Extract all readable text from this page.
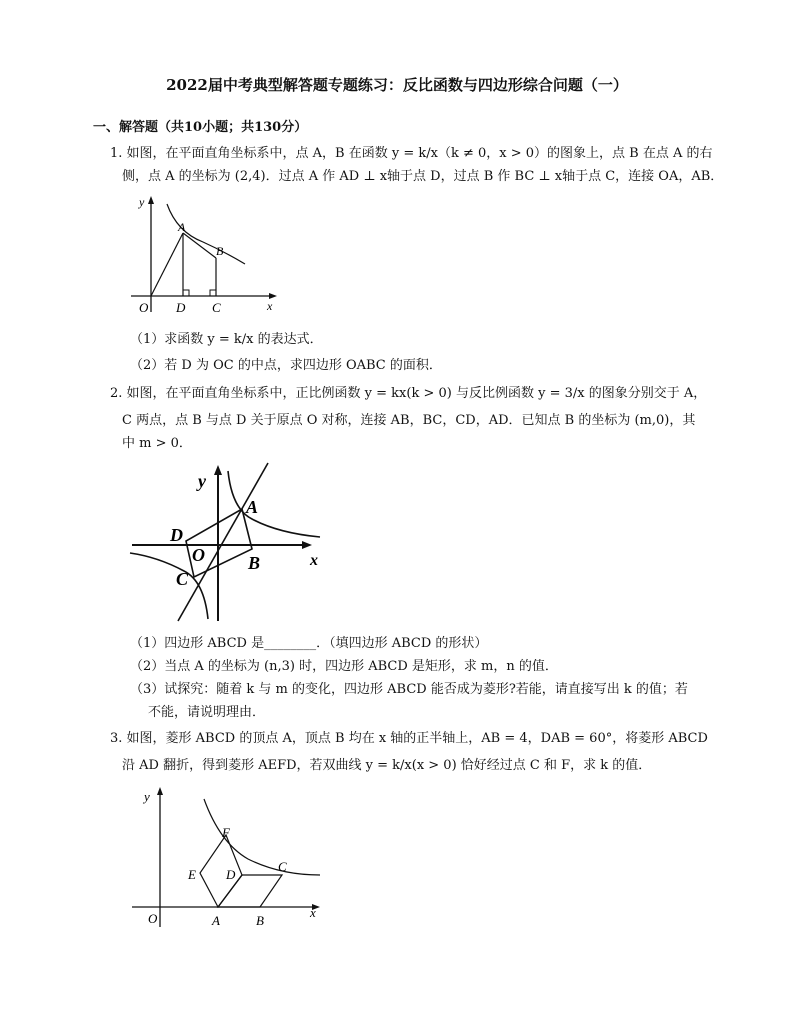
2022届中考典型解答题专题练习：反比函数与四边形综合问题（一）
一、解答题（共10小题；共130分）
1. 如图，在平面直角坐标系中，点 A，B 在函数 y = k/x（k ≠ 0，x > 0）的图象上，点 B 在点 A 的右
侧，点 A 的坐标为 (2,4)．过点 A 作 AD ⊥ x轴于点 D，过点 B 作 BC ⊥ x轴于点 C，连接 OA，AB．
y
x
O
A
B
D C
（1）求函数 y = k/x 的表达式．
（2）若 D 为 OC 的中点，求四边形 OABC 的面积．
2. 如图，在平面直角坐标系中，正比例函数 y = kx(k > 0) 与反比例函数 y = 3/x 的图象分别交于 A，
C 两点，点 B 与点 D 关于原点 O 对称，连接 AB，BC，CD，AD．已知点 B 的坐标为 (m,0)，其
中 m > 0．
y
x
A
D
O B
C
（1）四边形 ABCD 是________．（填四边形 ABCD 的形状）
（2）当点 A 的坐标为 (n,3) 时，四边形 ABCD 是矩形，求 m，n 的值．
（3）试探究：随着 k 与 m 的变化，四边形 ABCD 能否成为菱形?若能，请直接写出 k 的值；若
不能，请说明理由．
3. 如图，菱形 ABCD 的顶点 A，顶点 B 均在 x 轴的正半轴上，AB = 4，DAB = 60°，将菱形 ABCD
沿 AD 翻折，得到菱形 AEFD，若双曲线 y = k/x(x > 0) 恰好经过点 C 和 F，求 k 的值．
y
x
O
F
E D
C
A	B
